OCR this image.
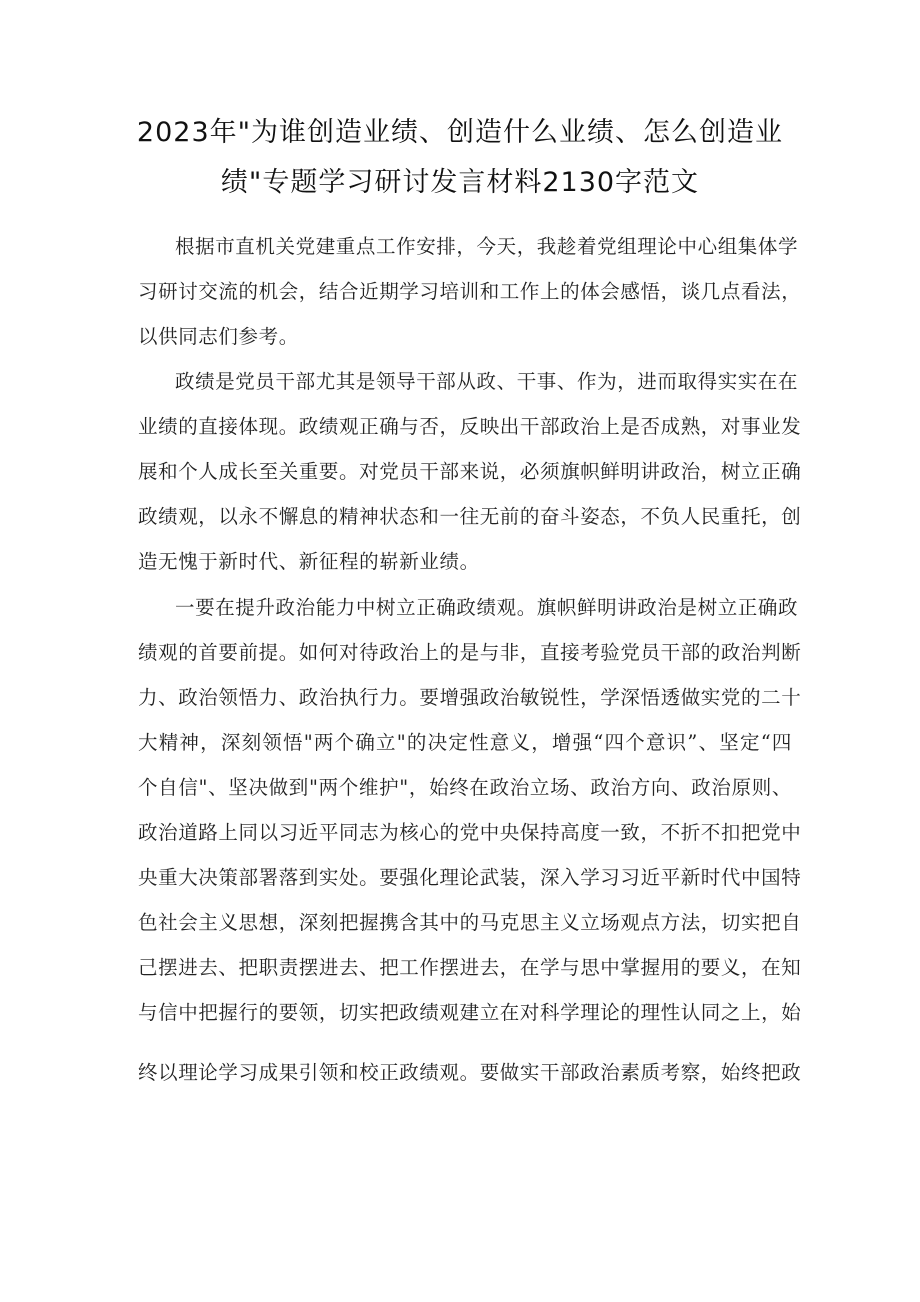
2023年"为谁创造业绩、创造什么业绩、怎么创造业
绩"专题学习研讨发言材料2130字范文
根据市直机关党建重点工作安排，今天，我趁着党组理论中心组集体学
习研讨交流的机会，结合近期学习培训和工作上的体会感悟，谈几点看法，
以供同志们参考。
政绩是党员干部尤其是领导干部从政、干事、作为，进而取得实实在在
业绩的直接体现。政绩观正确与否，反映出干部政治上是否成熟，对事业发
展和个人成长至关重要。对党员干部来说，必须旗帜鲜明讲政治，树立正确
政绩观，以永不懈息的精神状态和一往无前的奋斗姿态，不负人民重托，创
造无愧于新时代、新征程的崭新业绩。
一要在提升政治能力中树立正确政绩观。旗帜鲜明讲政治是树立正确政
绩观的首要前提。如何对待政治上的是与非，直接考验党员干部的政治判断
力、政治领悟力、政治执行力。要增强政治敏锐性，学深悟透做实党的二十
大精神，深刻领悟"两个确立"的决定性意义，增强“四个意识”、坚定“四
个自信"、坚决做到"两个维护"，始终在政治立场、政治方向、政治原则、
政治道路上同以习近平同志为核心的党中央保持高度一致，不折不扣把党中
央重大决策部署落到实处。要强化理论武装，深入学习习近平新时代中国特
色社会主义思想，深刻把握携含其中的马克思主义立场观点方法，切实把自
己摆进去、把职责摆进去、把工作摆进去，在学与思中掌握用的要义，在知
与信中把握行的要领，切实把政绩观建立在对科学理论的理性认同之上，始
终以理论学习成果引领和校正政绩观。要做实干部政治素质考察，始终把政
